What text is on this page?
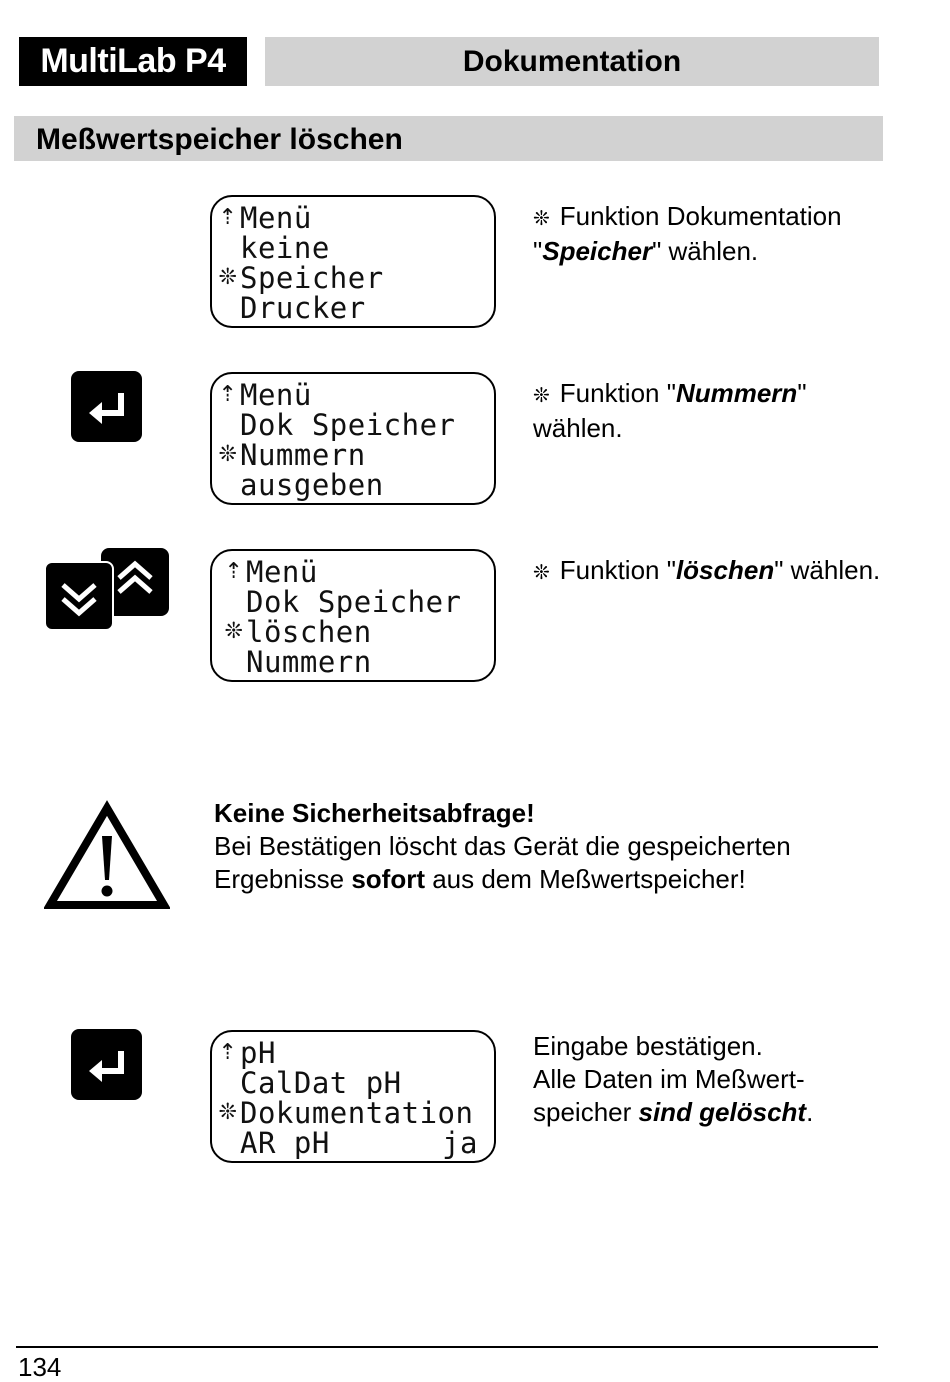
MultiLab P4	Dokumentation
Meßwertspeicher löschen
⇡Menü
keine
❊Speicher
Drucker
❊ Funktion Dokumentation "Speicher" wählen.
⇡Menü
Dok Speicher
❊Nummern
ausgeben
❊ Funktion "Nummern" wählen.
⇡Menü
Dok Speicher
❊löschen
Nummern
❊ Funktion "löschen" wählen.
Keine Sicherheitsabfrage!
Bei Bestätigen löscht das Gerät die gespeicherten
Ergebnisse sofort aus dem Meßwertspeicher!
⇡pH
CalDat pH
❊Dokumentation
AR pH	ja
Eingabe bestätigen.
Alle Daten im Meßwert-
speicher sind gelöscht.
134
